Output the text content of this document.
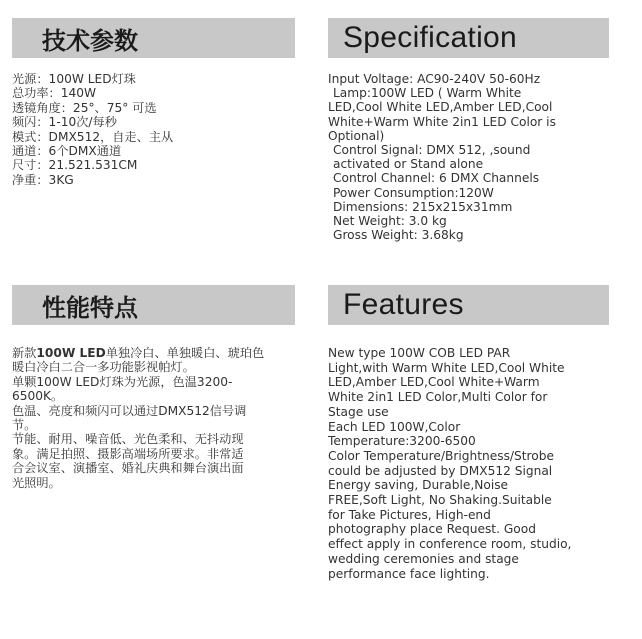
技术参数	Specification
性能特点	Features
光源：100W LED灯珠
总功率：140W
透镜角度：25°、75° 可选
频闪：1-10次/每秒
模式：DMX512，自走、主从
通道：6个DMX通道
尺寸：21.521.531CM
净重：3KG
Input Voltage: AC90-240V 50-60Hz
Lamp:100W LED ( Warm White
LED,Cool White LED,Amber LED,Cool
White+Warm White 2in1 LED Color is
Optional)
Control Signal: DMX 512, ,sound
activated or Stand alone
Control Channel: 6 DMX Channels
Power Consumption:120W
Dimensions: 215x215x31mm
Net Weight: 3.0 kg
Gross Weight: 3.68kg
新款100W LED单独冷白、单独暖白、琥珀色
暖白冷白二合一多功能影视帕灯。
单颗100W LED灯珠为光源，色温3200-
6500K。
色温、亮度和频闪可以通过DMX512信号调
节。
节能、耐用、噪音低、光色柔和、无抖动现
象。满足拍照、摄影高端场所要求。非常适
合会议室、演播室、婚礼庆典和舞台演出面
光照明。
New type 100W COB LED PAR
Light,with Warm White LED,Cool White
LED,Amber LED,Cool White+Warm
White 2in1 LED Color,Multi Color for
Stage use
Each LED 100W,Color
Temperature:3200-6500
Color Temperature/Brightness/Strobe
could be adjusted by DMX512 Signal
Energy saving, Durable,Noise
FREE,Soft Light, No Shaking.Suitable
for Take Pictures, High-end
photography place Request. Good
effect apply in conference room, studio,
wedding ceremonies and stage
performance face lighting.
